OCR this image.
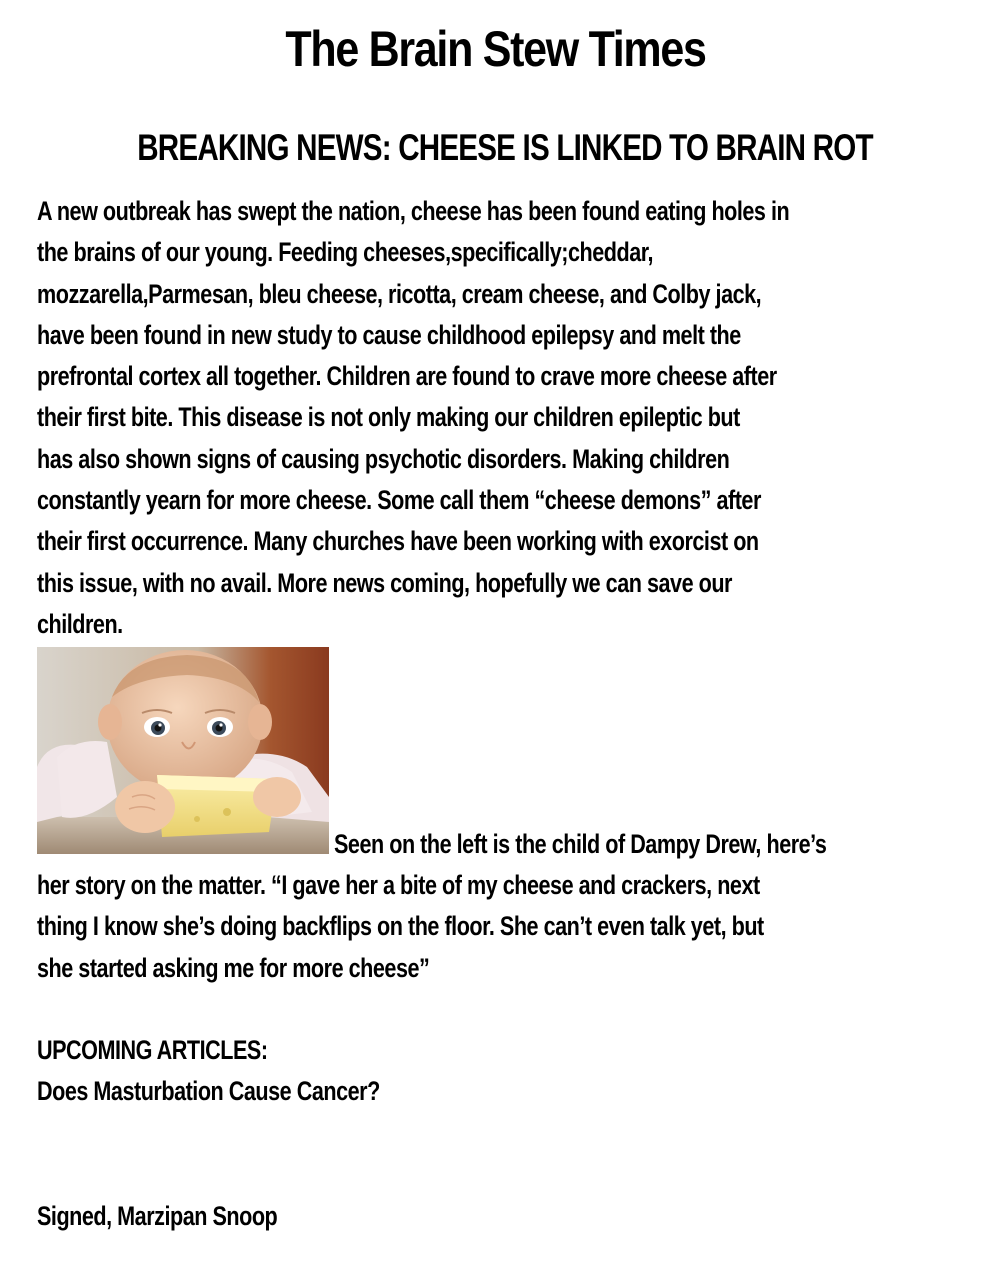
The Brain Stew Times
BREAKING NEWS: CHEESE IS LINKED TO BRAIN ROT
A new outbreak has swept the nation, cheese has been found eating holes in
the brains of our young. Feeding cheeses,specifically;cheddar,
mozzarella,Parmesan, bleu cheese, ricotta, cream cheese, and Colby jack,
have been found in new study to cause childhood epilepsy and melt the
prefrontal cortex all together. Children are found to crave more cheese after
their first bite. This disease is not only making our children epileptic but
has also shown signs of causing psychotic disorders. Making children
constantly yearn for more cheese. Some call them “cheese demons” after
their first occurrence. Many churches have been working with exorcist on
this issue, with no avail. More news coming, hopefully we can save our
children.
Seen on the left is the child of Dampy Drew, here’s
her story on the matter. “I gave her a bite of my cheese and crackers, next
thing I know she’s doing backflips on the floor. She can’t even talk yet, but
she started asking me for more cheese”
UPCOMING ARTICLES:
Does Masturbation Cause Cancer?
Signed, Marzipan Snoop
